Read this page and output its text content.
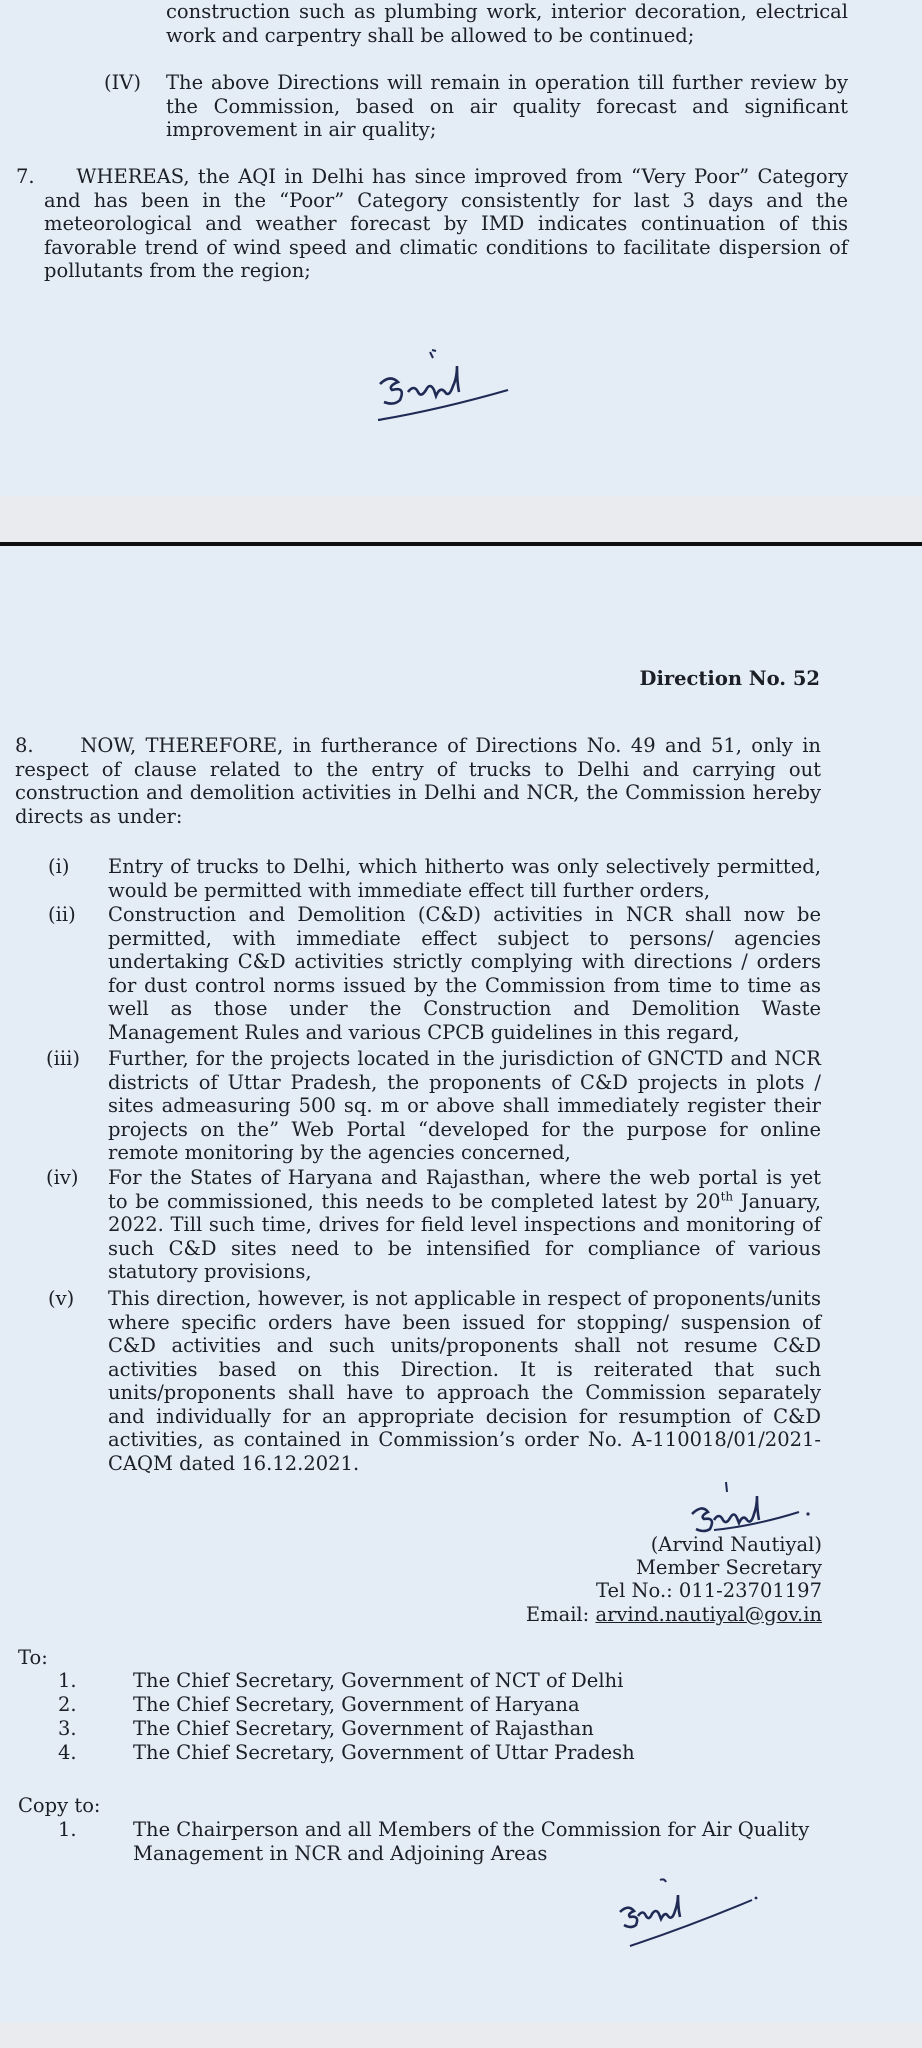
construction such as plumbing work, interior decoration, electrical work and carpentry shall be allowed to be continued;
(IV) The above Directions will remain in operation till further review by the Commission, based on air quality forecast and significant improvement in air quality;
7. WHEREAS, the AQI in Delhi has since improved from “Very Poor” Category and has been in the “Poor” Category consistently for last 3 days and the meteorological and weather forecast by IMD indicates continuation of this favorable trend of wind speed and climatic conditions to facilitate dispersion of pollutants from the region;
Direction No. 52
8. NOW, THEREFORE, in furtherance of Directions No. 49 and 51, only in respect of clause related to the entry of trucks to Delhi and carrying out construction and demolition activities in Delhi and NCR, the Commission hereby directs as under:
(i) Entry of trucks to Delhi, which hitherto was only selectively permitted, would be permitted with immediate effect till further orders,
(ii) Construction and Demolition (C&D) activities in NCR shall now be permitted, with immediate effect subject to persons/ agencies undertaking C&D activities strictly complying with directions / orders for dust control norms issued by the Commission from time to time as well as those under the Construction and Demolition Waste Management Rules and various CPCB guidelines in this regard,
(iii) Further, for the projects located in the jurisdiction of GNCTD and NCR districts of Uttar Pradesh, the proponents of C&D projects in plots / sites admeasuring 500 sq. m or above shall immediately register their projects on the” Web Portal “developed for the purpose for online remote monitoring by the agencies concerned,
(iv) For the States of Haryana and Rajasthan, where the web portal is yet to be commissioned, this needs to be completed latest by 20th January, 2022. Till such time, drives for field level inspections and monitoring of such C&D sites need to be intensified for compliance of various statutory provisions,
(v) This direction, however, is not applicable in respect of proponents/units where specific orders have been issued for stopping/ suspension of C&D activities and such units/proponents shall not resume C&D activities based on this Direction. It is reiterated that such units/proponents shall have to approach the Commission separately and individually for an appropriate decision for resumption of C&D activities, as contained in Commission’s order No. A-110018/01/2021-CAQM dated 16.12.2021.
(Arvind Nautiyal)
Member Secretary
Tel No.: 011-23701197
Email: arvind.nautiyal@gov.in
To:
1.	The Chief Secretary, Government of NCT of Delhi
2.	The Chief Secretary, Government of Haryana
3.	The Chief Secretary, Government of Rajasthan
4.	The Chief Secretary, Government of Uttar Pradesh
Copy to:
1.	The Chairperson and all Members of the Commission for Air Quality Management in NCR and Adjoining Areas
